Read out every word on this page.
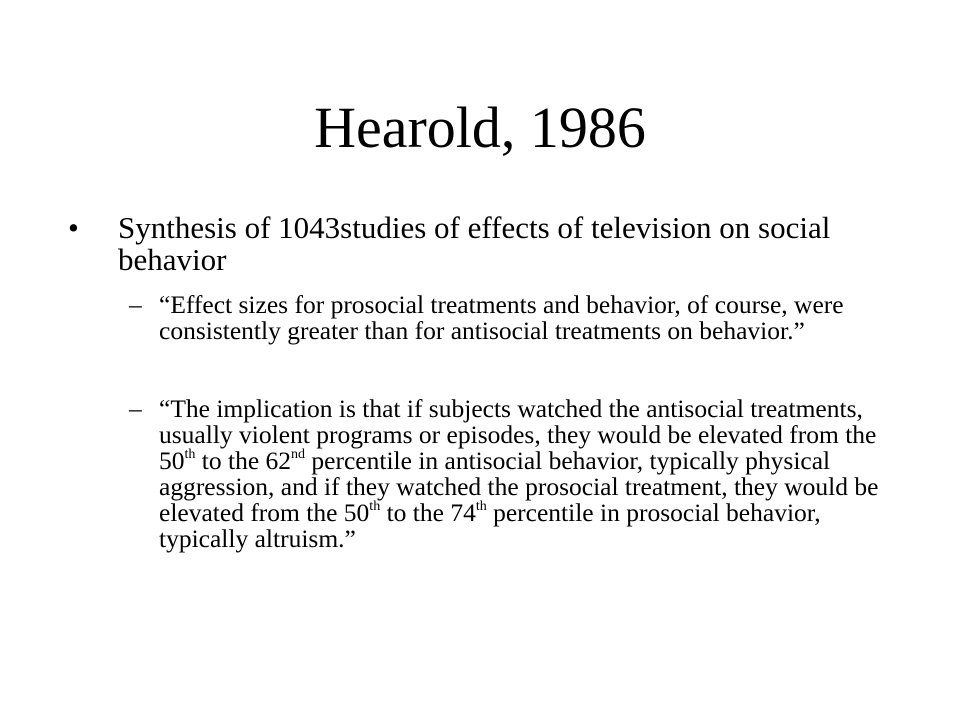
Hearold, 1986
• Synthesis of 1043studies of effects of television on social behavior
– “Effect sizes for prosocial treatments and behavior, of course, were consistently greater than for antisocial treatments on behavior.”
– “The implication is that if subjects watched the antisocial treatments, usually violent programs or episodes, they would be elevated from the 50th to the 62nd percentile in antisocial behavior, typically physical aggression, and if they watched the prosocial treatment, they would be elevated from the 50th to the 74th percentile in prosocial behavior, typically altruism.”
